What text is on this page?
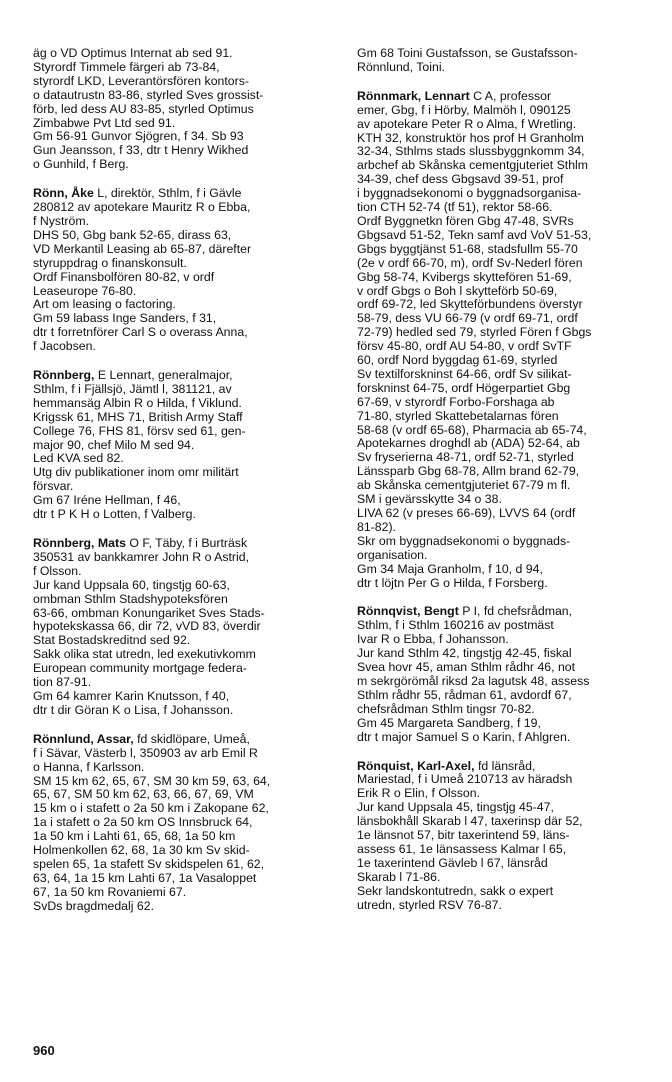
äg o VD Optimus Internat ab sed 91.
Styrordf Timmele färgeri ab 73-84,
styrordf LKD, Leverantörsfören kontors-
o datautrustn 83-86, styrled Sves grossist-
förb, led dess AU 83-85, styrled Optimus
Zimbabwe Pvt Ltd sed 91.
Gm 56-91 Gunvor Sjögren, f 34. Sb 93
Gun Jeansson, f 33, dtr t Henry Wikhed
o Gunhild, f Berg.
Rönn, Åke L, direktör, Sthlm, f i Gävle
280812 av apotekare Mauritz R o Ebba,
f Nyström.
DHS 50, Gbg bank 52-65, dirass 63,
VD Merkantil Leasing ab 65-87, därefter
styruppdrag o finanskonsult.
Ordf Finansbolfören 80-82, v ordf
Leaseurope 76-80.
Art om leasing o factoring.
Gm 59 labass Inge Sanders, f 31,
dtr t forretnförer Carl S o overass Anna,
f Jacobsen.
Rönnberg, E Lennart, generalmajor,
Sthlm, f i Fjällsjö, Jämtl l, 381121, av
hemmansäg Albin R o Hilda, f Viklund.
Krigssk 61, MHS 71, British Army Staff
College 76, FHS 81, försv sed 61, gen-
major 90, chef Milo M sed 94.
Led KVA sed 82.
Utg div publikationer inom omr militärt
försvar.
Gm 67 Iréne Hellman, f 46,
dtr t P K H o Lotten, f Valberg.
Rönnberg, Mats O F, Täby, f i Burträsk
350531 av bankkamrer John R o Astrid,
f Olsson.
Jur kand Uppsala 60, tingstjg 60-63,
ombman Sthlm Stadshypoteksfören
63-66, ombman Konungariket Sves Stads-
hypotekskassa 66, dir 72, vVD 83, överdir
Stat Bostadskreditnd sed 92.
Sakk olika stat utredn, led exekutivkomm
European community mortgage federa-
tion 87-91.
Gm 64 kamrer Karin Knutsson, f 40,
dtr t dir Göran K o Lisa, f Johansson.
Rönnlund, Assar, fd skidlöpare, Umeå,
f i Sävar, Västerb l, 350903 av arb Emil R
o Hanna, f Karlsson.
SM 15 km 62, 65, 67, SM 30 km 59, 63, 64,
65, 67, SM 50 km 62, 63, 66, 67, 69, VM
15 km o i stafett o 2a 50 km i Zakopane 62,
1a i stafett o 2a 50 km OS Innsbruck 64,
1a 50 km i Lahti 61, 65, 68, 1a 50 km
Holmenkollen 62, 68, 1a 30 km Sv skid-
spelen 65, 1a stafett Sv skidspelen 61, 62,
63, 64, 1a 15 km Lahti 67, 1a Vasaloppet
67, 1a 50 km Rovaniemi 67.
SvDs bragdmedalj 62.
Gm 68 Toini Gustafsson, se Gustafsson-
Rönnlund, Toini.
Rönnmark, Lennart C A, professor
emer, Gbg, f i Hörby, Malmöh l, 090125
av apotekare Peter R o Alma, f Wretling.
KTH 32, konstruktör hos prof H Granholm
32-34, Sthlms stads slussbyggnkomm 34,
arbchef ab Skånska cementgjuteriet Sthlm
34-39, chef dess Gbgsavd 39-51, prof
i byggnadsekonomi o byggnadsorganisa-
tion CTH 52-74 (tf 51), rektor 58-66.
Ordf Byggnetkn fören Gbg 47-48, SVRs
Gbgsavd 51-52, Tekn samf avd VoV 51-53,
Gbgs byggtjänst 51-68, stadsfullm 55-70
(2e v ordf 66-70, m), ordf Sv-Nederl fören
Gbg 58-74, Kvibergs skyttefören 51-69,
v ordf Gbgs o Boh l skytteförb 50-69,
ordf 69-72, led Skytteförbundens överstyr
58-79, dess VU 66-79 (v ordf 69-71, ordf
72-79) hedled sed 79, styrled Fören f Gbgs
försv 45-80, ordf AU 54-80, v ordf SvTF
60, ordf Nord byggdag 61-69, styrled
Sv textilforskninst 64-66, ordf Sv silikat-
forskninst 64-75, ordf Högerpartiet Gbg
67-69, v styrordf Forbo-Forshaga ab
71-80, styrled Skattebetalarnas fören
58-68 (v ordf 65-68), Pharmacia ab 65-74,
Apotekarnes droghdl ab (ADA) 52-64, ab
Sv fryserierna 48-71, ordf 52-71, styrled
Länssparb Gbg 68-78, Allm brand 62-79,
ab Skånska cementgjuteriet 67-79 m fl.
SM i gevärsskytte 34 o 38.
LIVA 62 (v preses 66-69), LVVS 64 (ordf
81-82).
Skr om byggnadsekonomi o byggnads-
organisation.
Gm 34 Maja Granholm, f 10, d 94,
dtr t löjtn Per G o Hilda, f Forsberg.
Rönnqvist, Bengt P I, fd chefsrådman,
Sthlm, f i Sthlm 160216 av postmäst
Ivar R o Ebba, f Johansson.
Jur kand Sthlm 42, tingstjg 42-45, fiskal
Svea hovr 45, aman Sthlm rådhr 46, not
m sekrgörömål riksd 2a lagutsk 48, assess
Sthlm rådhr 55, rådman 61, avdordf 67,
chefsrådman Sthlm tingsr 70-82.
Gm 45 Margareta Sandberg, f 19,
dtr t major Samuel S o Karin, f Ahlgren.
Rönquist, Karl-Axel, fd länsråd,
Mariestad, f i Umeå 210713 av häradsh
Erik R o Elin, f Olsson.
Jur kand Uppsala 45, tingstjg 45-47,
länsbokhåll Skarab l 47, taxerinsp där 52,
1e länsnot 57, bitr taxerintend 59, läns-
assess 61, 1e länsassess Kalmar l 65,
1e taxerintend Gävleb l 67, länsråd
Skarab l 71-86.
Sekr landskontutredn, sakk o expert
utredn, styrled RSV 76-87.
960
